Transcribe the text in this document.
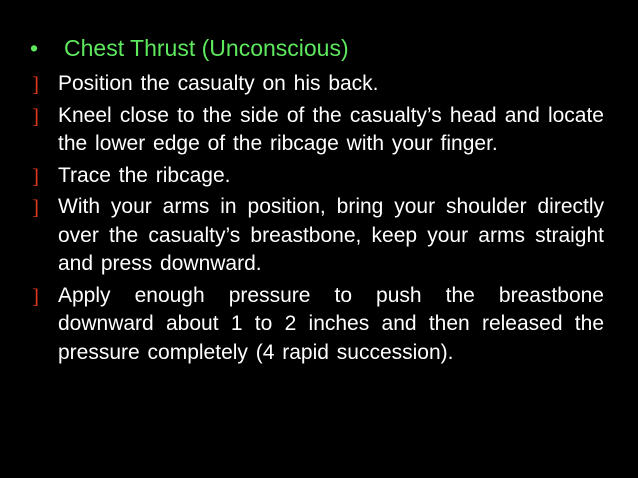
• Chest Thrust (Unconscious)
] Position the casualty on his back.
] Kneel close to the side of the casualty’s head and locate the lower edge of the ribcage with your finger.
] Trace the ribcage.
] With your arms in position, bring your shoulder directly over the casualty’s breastbone, keep your arms straight and press downward.
] Apply enough pressure to push the breastbone downward about 1 to 2 inches and then released the pressure completely (4 rapid succession).
